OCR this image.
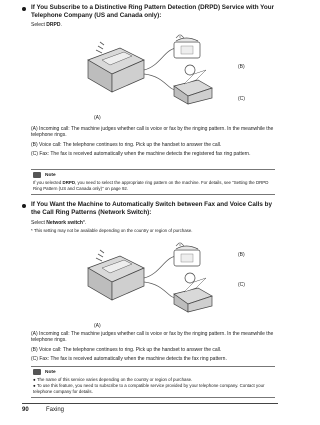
If You Subscribe to a Distinctive Ring Pattern Detection (DRPD) Service with Your Telephone Company (US and Canada only):
Select DRPD.
(A)
(B)
(C)
(A) Incoming call: The machine judges whether call is voice or fax by the ringing pattern. In the meanwhile the telephone rings.
(B) Voice call: The telephone continues to ring. Pick up the handset to answer the call.
(C) Fax: The fax is received automatically when the machine detects the registered fax ring pattern.
Note
If you selected DRPD, you need to select the appropriate ring pattern on the machine. For details, see "Setting the DRPD Ring Pattern (US and Canada only)" on page 92.
If You Want the Machine to Automatically Switch between Fax and Voice Calls by the Call Ring Patterns (Network Switch):
Select Network switch*.
* This setting may not be available depending on the country or region of purchase.
(A)
(B)
(C)
(A) Incoming call: The machine judges whether call is voice or fax by the ringing pattern. In the meanwhile the telephone rings.
(B) Voice call: The telephone continues to ring. Pick up the handset to answer the call.
(C) Fax: The fax is received automatically when the machine detects the fax ring pattern.
Note
● The name of this service varies depending on the country or region of purchase.
● To use this feature, you need to subscribe to a compatible service provided by your telephone company. Contact your telephone company for details.
90	Faxing
